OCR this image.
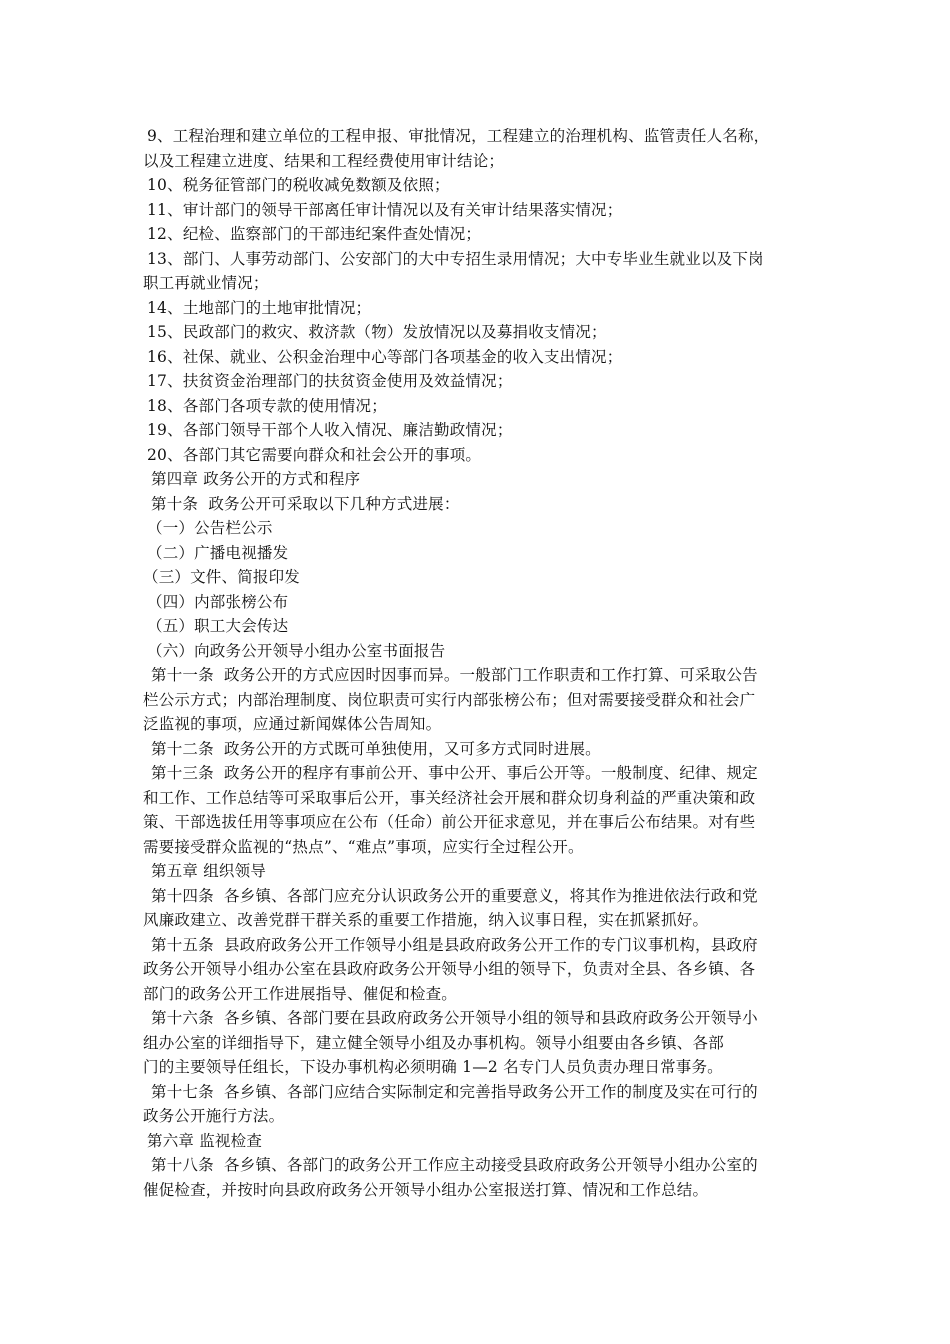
9、工程治理和建立单位的工程申报、审批情况，工程建立的治理机构、监管责任人名称，

以及工程建立进度、结果和工程经费使用审计结论；

10、税务征管部门的税收减免数额及依照；

11、审计部门的领导干部离任审计情况以及有关审计结果落实情况；

12、纪检、监察部门的干部违纪案件查处情况；

13、部门、人事劳动部门、公安部门的大中专招生录用情况；大中专毕业生就业以及下岗

职工再就业情况；

14、土地部门的土地审批情况；

15、民政部门的救灾、救济款（物）发放情况以及募捐收支情况；

16、社保、就业、公积金治理中心等部门各项基金的收入支出情况；

17、扶贫资金治理部门的扶贫资金使用及效益情况；

18、各部门各项专款的使用情况；

19、各部门领导干部个人收入情况、廉洁勤政情况；

20、各部门其它需要向群众和社会公开的事项。

第四章 政务公开的方式和程序

第十条  政务公开可采取以下几种方式进展：

（一）公告栏公示

（二）广播电视播发

（三）文件、简报印发

（四）内部张榜公布

（五）职工大会传达

（六）向政务公开领导小组办公室书面报告

第十一条  政务公开的方式应因时因事而异。一般部门工作职责和工作打算、可采取公告

栏公示方式；内部治理制度、岗位职责可实行内部张榜公布；但对需要接受群众和社会广

泛监视的事项，应通过新闻媒体公告周知。

第十二条  政务公开的方式既可单独使用，又可多方式同时进展。

第十三条  政务公开的程序有事前公开、事中公开、事后公开等。一般制度、纪律、规定

和工作、工作总结等可采取事后公开，事关经济社会开展和群众切身利益的严重决策和政

策、干部选拔任用等事项应在公布（任命）前公开征求意见，并在事后公布结果。对有些

需要接受群众监视的“热点”、“难点”事项，应实行全过程公开。

第五章 组织领导

第十四条  各乡镇、各部门应充分认识政务公开的重要意义，将其作为推进依法行政和党

风廉政建立、改善党群干群关系的重要工作措施，纳入议事日程，实在抓紧抓好。

第十五条  县政府政务公开工作领导小组是县政府政务公开工作的专门议事机构，县政府

政务公开领导小组办公室在县政府政务公开领导小组的领导下，负责对全县、各乡镇、各

部门的政务公开工作进展指导、催促和检查。

第十六条  各乡镇、各部门要在县政府政务公开领导小组的领导和县政府政务公开领导小

组办公室的详细指导下，建立健全领导小组及办事机构。领导小组要由各乡镇、各部

门的主要领导任组长，下设办事机构必须明确 1—2 名专门人员负责办理日常事务。

第十七条  各乡镇、各部门应结合实际制定和完善指导政务公开工作的制度及实在可行的

政务公开施行方法。

第六章 监视检查

第十八条  各乡镇、各部门的政务公开工作应主动接受县政府政务公开领导小组办公室的

催促检查，并按时向县政府政务公开领导小组办公室报送打算、情况和工作总结。
